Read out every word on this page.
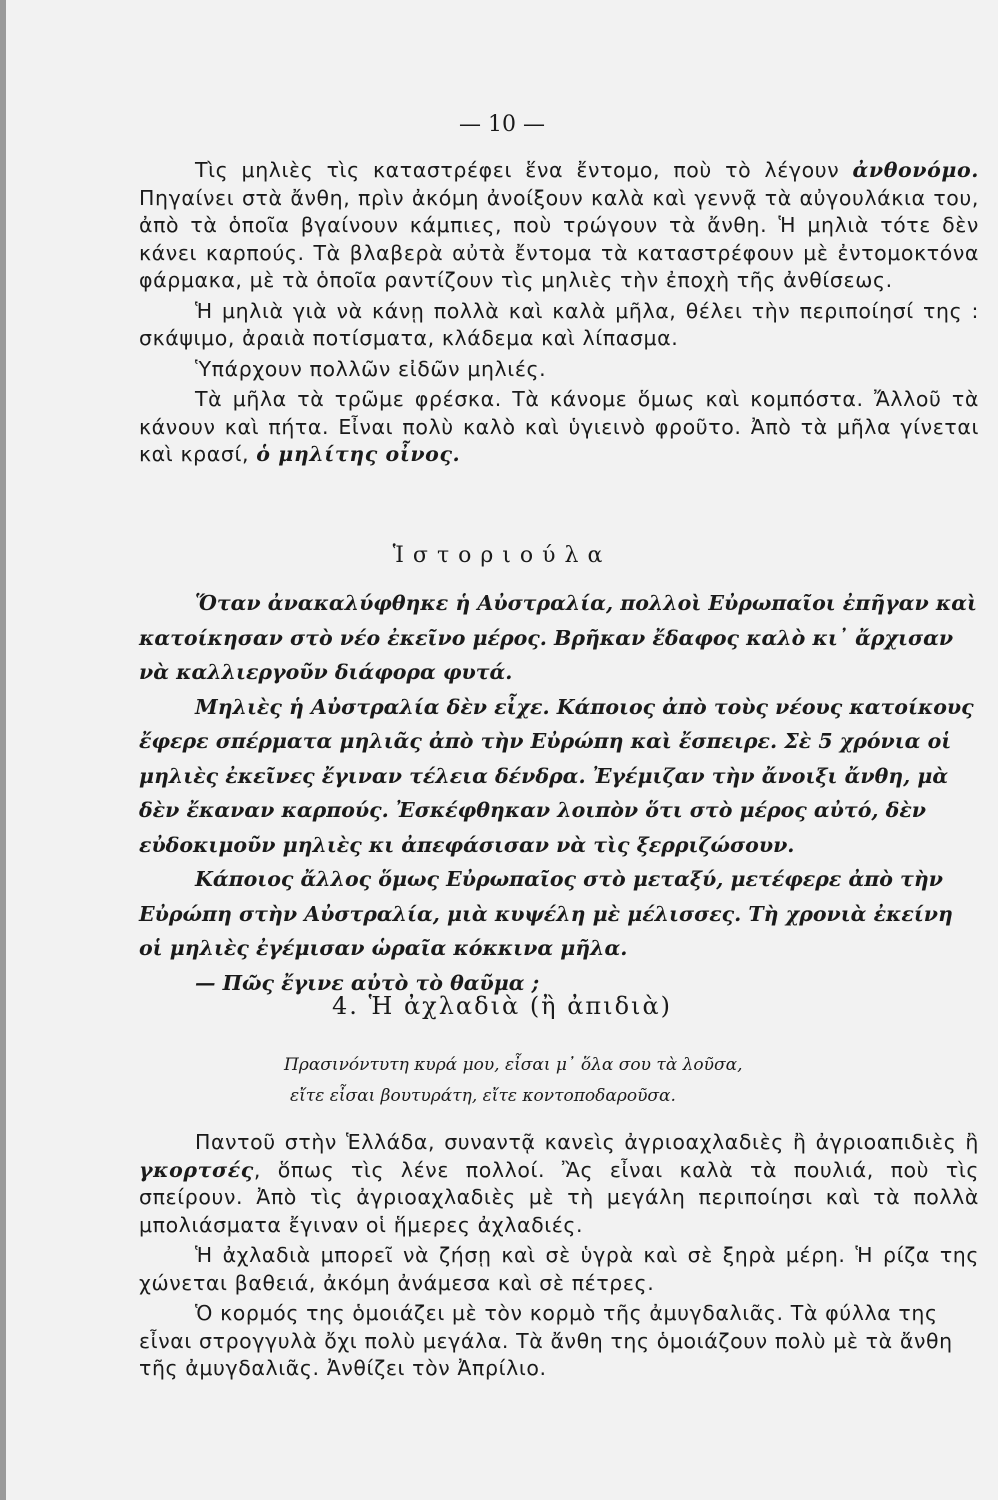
— 10 —

Τὶς μηλιὲς τὶς καταστρέφει ἕνα ἔντομο, ποὺ τὸ λέγουν ἀνθονόμο. Πηγαίνει στὰ ἄνθη, πρὶν ἀκόμη ἀνοίξουν καλὰ καὶ γεννᾷ τὰ αὐγουλάκια του, ἀπὸ τὰ ὁποῖα βγαίνουν κάμπιες, ποὺ τρώγουν τὰ ἄνθη. Ἡ μηλιὰ τότε δὲν κάνει καρπούς. Τὰ βλαβερὰ αὐτὰ ἔντομα τὰ καταστρέφουν μὲ ἐντομοκτόνα φάρμακα, μὲ τὰ ὁποῖα ραντίζουν τὶς μηλιὲς τὴν ἐποχὴ τῆς ἀνθίσεως.

Ἡ μηλιὰ γιὰ νὰ κάνῃ πολλὰ καὶ καλὰ μῆλα, θέλει τὴν περιποίησί της : σκάψιμο, ἀραιὰ ποτίσματα, κλάδεμα καὶ λίπασμα.

Ὑπάρχουν πολλῶν εἰδῶν μηλιές.

Τὰ μῆλα τὰ τρῶμε φρέσκα. Τὰ κάνομε ὅμως καὶ κομπόστα. Ἄλλοῦ τὰ κάνουν καὶ πήτα. Εἶναι πολὺ καλὸ καὶ ὑγιεινὸ φροῦτο. Ἀπὸ τὰ μῆλα γίνεται καὶ κρασί, ὁ μηλίτης οἶνος.

Ἱστοριούλα

Ὅταν ἀνακαλύφθηκε ἡ Αὐστραλία, πολλοὶ Εὐρωπαῖοι ἐπῆγαν καὶ κατοίκησαν στὸ νέο ἐκεῖνο μέρος. Βρῆκαν ἔδαφος καλὸ κι᾿ ἄρχισαν νὰ καλλιεργοῦν διάφορα φυτά.

Μηλιὲς ἡ Αὐστραλία δὲν εἶχε. Κάποιος ἀπὸ τοὺς νέους κατοίκους ἔφερε σπέρματα μηλιᾶς ἀπὸ τὴν Εὐρώπη καὶ ἔσπειρε. Σὲ 5 χρόνια οἱ μηλιὲς ἐκεῖνες ἔγιναν τέλεια δένδρα. Ἐγέμιζαν τὴν ἄνοιξι ἄνθη, μὰ δὲν ἔκαναν καρπούς. Ἐσκέφθηκαν λοιπὸν ὅτι στὸ μέρος αὐτό, δὲν εὐδοκιμοῦν μηλιὲς κι ἀπεφάσισαν νὰ τὶς ξερριζώσουν.

Κάποιος ἄλλος ὅμως Εὐρωπαῖος στὸ μεταξύ, μετέφερε ἀπὸ τὴν Εὐρώπη στὴν Αὐστραλία, μιὰ κυψέλη μὲ μέλισσες. Τὴ χρονιὰ ἐκείνη οἱ μηλιὲς ἐγέμισαν ὡραῖα κόκκινα μῆλα.

— Πῶς ἔγινε αὐτὸ τὸ θαῦμα ;

4. Ἡ ἀχλαδιὰ (ἢ ἀπιδιὰ)

Πρασινόντυτη κυρά μου, εἶσαι μ᾿ ὅλα σου τὰ λοῦσα,

εἴτε εἶσαι βουτυράτη, εἴτε κοντοποδαροῦσα.

Παντοῦ στὴν Ἑλλάδα, συναντᾷ κανεὶς ἀγριοαχλαδιὲς ἢ ἀγριοαπιδιὲς ἢ γκορτσές, ὅπως τὶς λένε πολλοί. Ἂς εἶναι καλὰ τὰ πουλιά, ποὺ τὶς σπείρουν. Ἀπὸ τὶς ἀγριοαχλαδιὲς μὲ τὴ μεγάλη περιποίησι καὶ τὰ πολλὰ μπολιάσματα ἔγιναν οἱ ἥμερες ἀχλαδιές.

Ἡ ἀχλαδιὰ μπορεῖ νὰ ζήσῃ καὶ σὲ ὑγρὰ καὶ σὲ ξηρὰ μέρη. Ἡ ρίζα της χώνεται βαθειά, ἀκόμη ἀνάμεσα καὶ σὲ πέτρες.

Ὁ κορμός της ὁμοιάζει μὲ τὸν κορμὸ τῆς ἀμυγδαλιᾶς. Τὰ φύλλα της εἶναι στρογγυλὰ ὄχι πολὺ μεγάλα. Τὰ ἄνθη της ὁμοιάζουν πολὺ μὲ τὰ ἄνθη τῆς ἀμυγδαλιᾶς. Ἀνθίζει τὸν Ἀπρίλιο.
